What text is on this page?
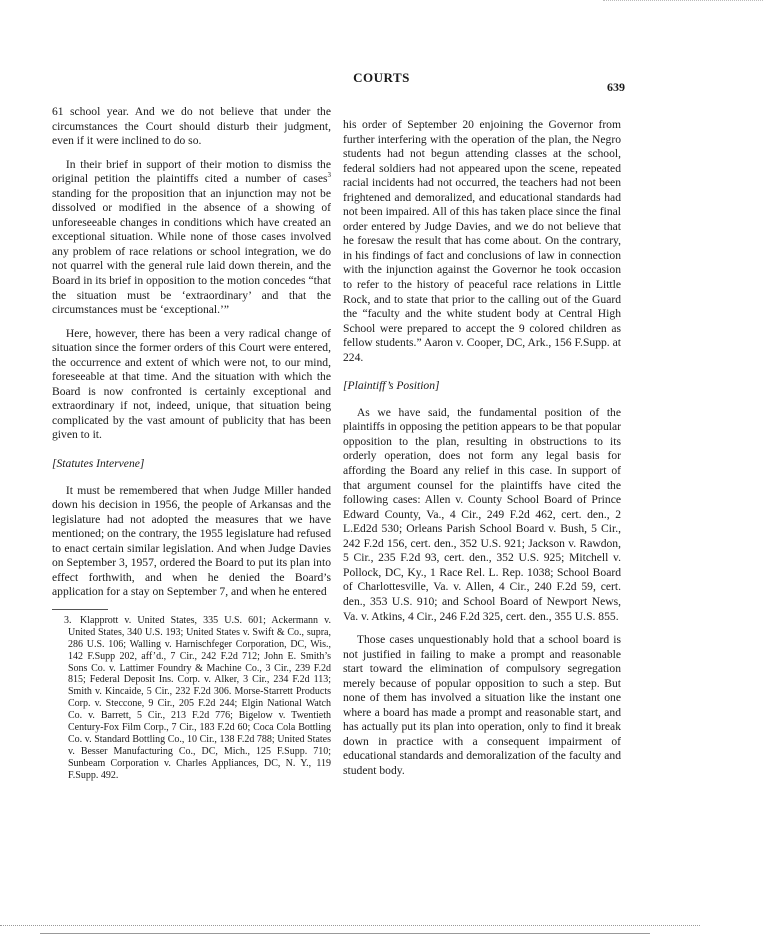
COURTS
639

61 school year. And we do not believe that under the circumstances the Court should disturb their judgment, even if it were inclined to do so.

In their brief in support of their motion to dismiss the original petition the plaintiffs cited a number of cases$^3$ standing for the proposition that an injunction may not be dissolved or modified in the absence of a showing of unforeseeable changes in conditions which have created an exceptional situation. While none of those cases involved any problem of race relations or school integration, we do not quarrel with the general rule laid down therein, and the Board in its brief in opposition to the motion concedes “that the situation must be ‘extraordinary’ and that the circumstances must be ‘exceptional.’”

Here, however, there has been a very radical change of situation since the former orders of this Court were entered, the occurrence and extent of which were not, to our mind, foreseeable at that time. And the situation with which the Board is now confronted is certainly exceptional and extraordinary if not, indeed, unique, that situation being complicated by the vast amount of publicity that has been given to it.

[Statutes Intervene]

It must be remembered that when Judge Miller handed down his decision in 1956, the people of Arkansas and the legislature had not adopted the measures that we have mentioned; on the contrary, the 1955 legislature had refused to enact certain similar legislation. And when Judge Davies on September 3, 1957, ordered the Board to put its plan into effect forthwith, and when he denied the Board’s application for a stay on September 7, and when he entered

3. Klapprott v. United States, 335 U.S. 601; Ackermann v. United States, 340 U.S. 193; United States v. Swift & Co., supra, 286 U.S. 106; Walling v. Harnischfeger Corporation, DC, Wis., 142 F.Supp 202, aff’d., 7 Cir., 242 F.2d 712; John E. Smith’s Sons Co. v. Lattimer Foundry & Machine Co., 3 Cir., 239 F.2d 815; Federal Deposit Ins. Corp. v. Alker, 3 Cir., 234 F.2d 113; Smith v. Kincaide, 5 Cir., 232 F.2d 306. Morse-Starrett Products Corp. v. Steccone, 9 Cir., 205 F.2d 244; Elgin National Watch Co. v. Barrett, 5 Cir., 213 F.2d 776; Bigelow v. Twentieth Century-Fox Film Corp., 7 Cir., 183 F.2d 60; Coca Cola Bottling Co. v. Standard Bottling Co., 10 Cir., 138 F.2d 788; United States v. Besser Manufacturing Co., DC, Mich., 125 F.Supp. 710; Sunbeam Corporation v. Charles Appliances, DC, N. Y., 119 F.Supp. 492.

his order of September 20 enjoining the Governor from further interfering with the operation of the plan, the Negro students had not begun attending classes at the school, federal soldiers had not appeared upon the scene, repeated racial incidents had not occurred, the teachers had not been frightened and demoralized, and educational standards had not been impaired. All of this has taken place since the final order entered by Judge Davies, and we do not believe that he foresaw the result that has come about. On the contrary, in his findings of fact and conclusions of law in connection with the injunction against the Governor he took occasion to refer to the history of peaceful race relations in Little Rock, and to state that prior to the calling out of the Guard the “faculty and the white student body at Central High School were prepared to accept the 9 colored children as fellow students.” Aaron v. Cooper, DC, Ark., 156 F.Supp. at 224.

[Plaintiff’s Position]

As we have said, the fundamental position of the plaintiffs in opposing the petition appears to be that popular opposition to the plan, resulting in obstructions to its orderly operation, does not form any legal basis for affording the Board any relief in this case. In support of that argument counsel for the plaintiffs have cited the following cases: Allen v. County School Board of Prince Edward County, Va., 4 Cir., 249 F.2d 462, cert. den., 2 L.Ed2d 530; Orleans Parish School Board v. Bush, 5 Cir., 242 F.2d 156, cert. den., 352 U.S. 921; Jackson v. Rawdon, 5 Cir., 235 F.2d 93, cert. den., 352 U.S. 925; Mitchell v. Pollock, DC, Ky., 1 Race Rel. L. Rep. 1038; School Board of Charlottesville, Va. v. Allen, 4 Cir., 240 F.2d 59, cert. den., 353 U.S. 910; and School Board of Newport News, Va. v. Atkins, 4 Cir., 246 F.2d 325, cert. den., 355 U.S. 855.

Those cases unquestionably hold that a school board is not justified in failing to make a prompt and reasonable start toward the elimination of compulsory segregation merely because of popular opposition to such a step. But none of them has involved a situation like the instant one where a board has made a prompt and reasonable start, and has actually put its plan into operation, only to find it break down in practice with a consequent impairment of educational standards and demoralization of the faculty and student body.
